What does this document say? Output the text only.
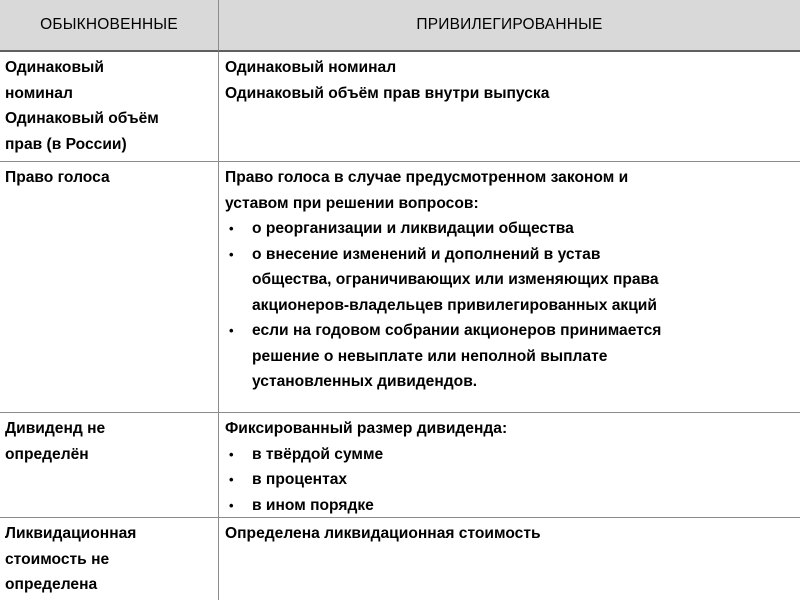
ОБЫКНОВЕННЫЕ	ПРИВИЛЕГИРОВАННЫЕ
Одинаковый
номинал
Одинаковый объём
прав (в России)
Одинаковый номинал
Одинаковый объём прав внутри выпуска
Право голоса	Право голоса в случае предусмотренном законом и
уставом при решении вопросов:
• о реорганизации и ликвидации общества
• о внесение изменений и дополнений в устав
общества, ограничивающих или изменяющих права
акционеров-владельцев привилегированных акций
• если на годовом собрании акционеров принимается
решение о невыплате или неполной выплате
установленных дивидендов.
Дивиденд не
определён
Фиксированный размер дивиденда:
• в твёрдой сумме
• в процентах
• в ином порядке
Ликвидационная
стоимость не
определена
Определена ликвидационная стоимость
